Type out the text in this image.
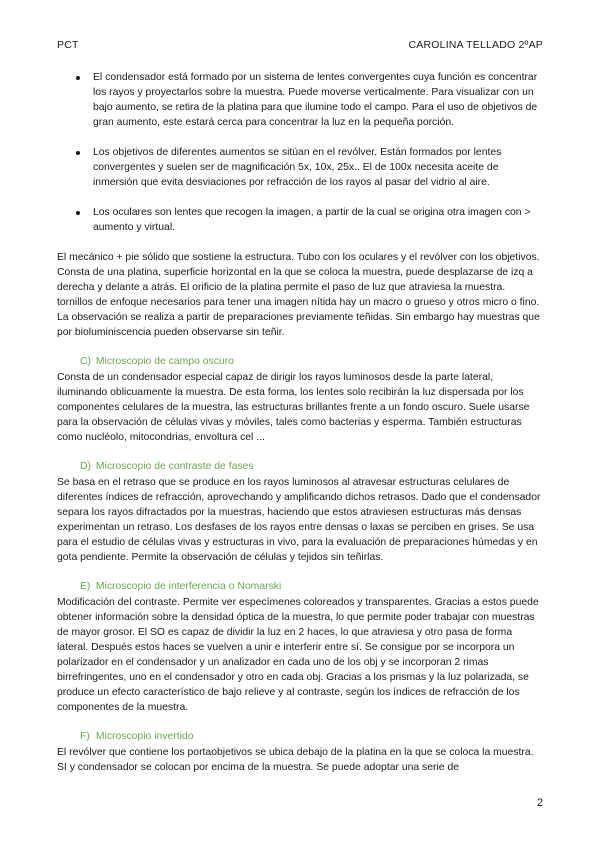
PCT	CAROLINA TELLADO 2ºAP
El condensador está formado por un sistema de lentes convergentes cuya función es concentrar los rayos y proyectarlos sobre la muestra. Puede moverse verticalmente. Para visualizar con un bajo aumento, se retira de la platina para que ilumine todo el campo. Para el uso de objetivos de gran aumento, este estará cerca para concentrar la luz en la pequeña porción.
Los objetivos de diferentes aumentos se sitúan en el revólver. Están formados por lentes convergentes y suelen ser de magnificación 5x, 10x, 25x.. El de 100x necesita aceite de inmersión que evita desviaciones por refracción de los rayos al pasar del vidrio al aire.
Los oculares son lentes que recogen la imagen, a partir de la cual se origina otra imagen con > aumento y virtual.

El mecánico + pie sólido que sostiene la estructura. Tubo con los oculares y el revólver con los objetivos. Consta de una platina, superficie horizontal en la que se coloca la muestra, puede desplazarse de izq a derecha y delante a atrás. El orificio de la platina permite el paso de luz que atraviesa la muestra. tornillos de enfoque necesarios para tener una imagen nítida hay un macro o grueso y otros micro o fino. La observación se realiza a partir de preparaciones previamente teñidas. Sin embargo hay muestras que por bioluminiscencia pueden observarse sin teñir.

C) Microscopio de campo oscuro

Consta de un condensador especial capaz de dirigir los rayos luminosos desde la parte lateral, iluminando oblicuamente la muestra. De esta forma, los lentes solo recibirán la luz dispersada por los componentes celulares de la muestra, las estructuras brillantes frente a un fondo oscuro. Suele usarse para la observación de células vivas y móviles, tales como bacterias y esperma. También estructuras como nucléolo, mitocondrias, envoltura cel ...

D) Microscopio de contraste de fases

Se basa en el retraso que se produce en los rayos luminosos al atravesar estructuras celulares de diferentes índices de refracción, aprovechando y amplificando dichos retrasos. Dado que el condensador separa los rayos difractados por la muestras, haciendo que estos atraviesen estructuras más densas experimentan un retraso. Los desfases de los rayos entre densas o laxas se perciben en grises. Se usa para el estudio de células vivas y estructuras in vivo, para la evaluación de preparaciones húmedas y en gota pendiente. Permite la observación de células y tejidos sin teñirlas.

E) Microscopio de interferencia o Nomarski

Modificación del contraste. Permite ver especímenes coloreados y transparentes. Gracias a estos puede obtener información sobre la densidad óptica de la muestra, lo que permite poder trabajar con muestras de mayor grosor. El SO es capaz de dividir la luz en 2 haces, lo que atraviesa y otro pasa de forma lateral. Después estos haces se vuelven a unir e interferir entre sí. Se consigue por se incorpora un polarizador en el condensador y un analizador en cada uno de los obj y se incorporan 2 rimas birrefringentes, uno en el condensador y otro en cada obj. Gracias a los prismas y la luz polarizada, se produce un efecto característico de bajo relieve y al contraste, según los índices de refracción de los componentes de la muestra.

F) Microscopio invertido

El revólver que contiene los portaobjetivos se ubica debajo de la platina en la que se coloca la muestra. SI y condensador se colocan por encima de la muestra. Se puede adoptar una serie de

2
